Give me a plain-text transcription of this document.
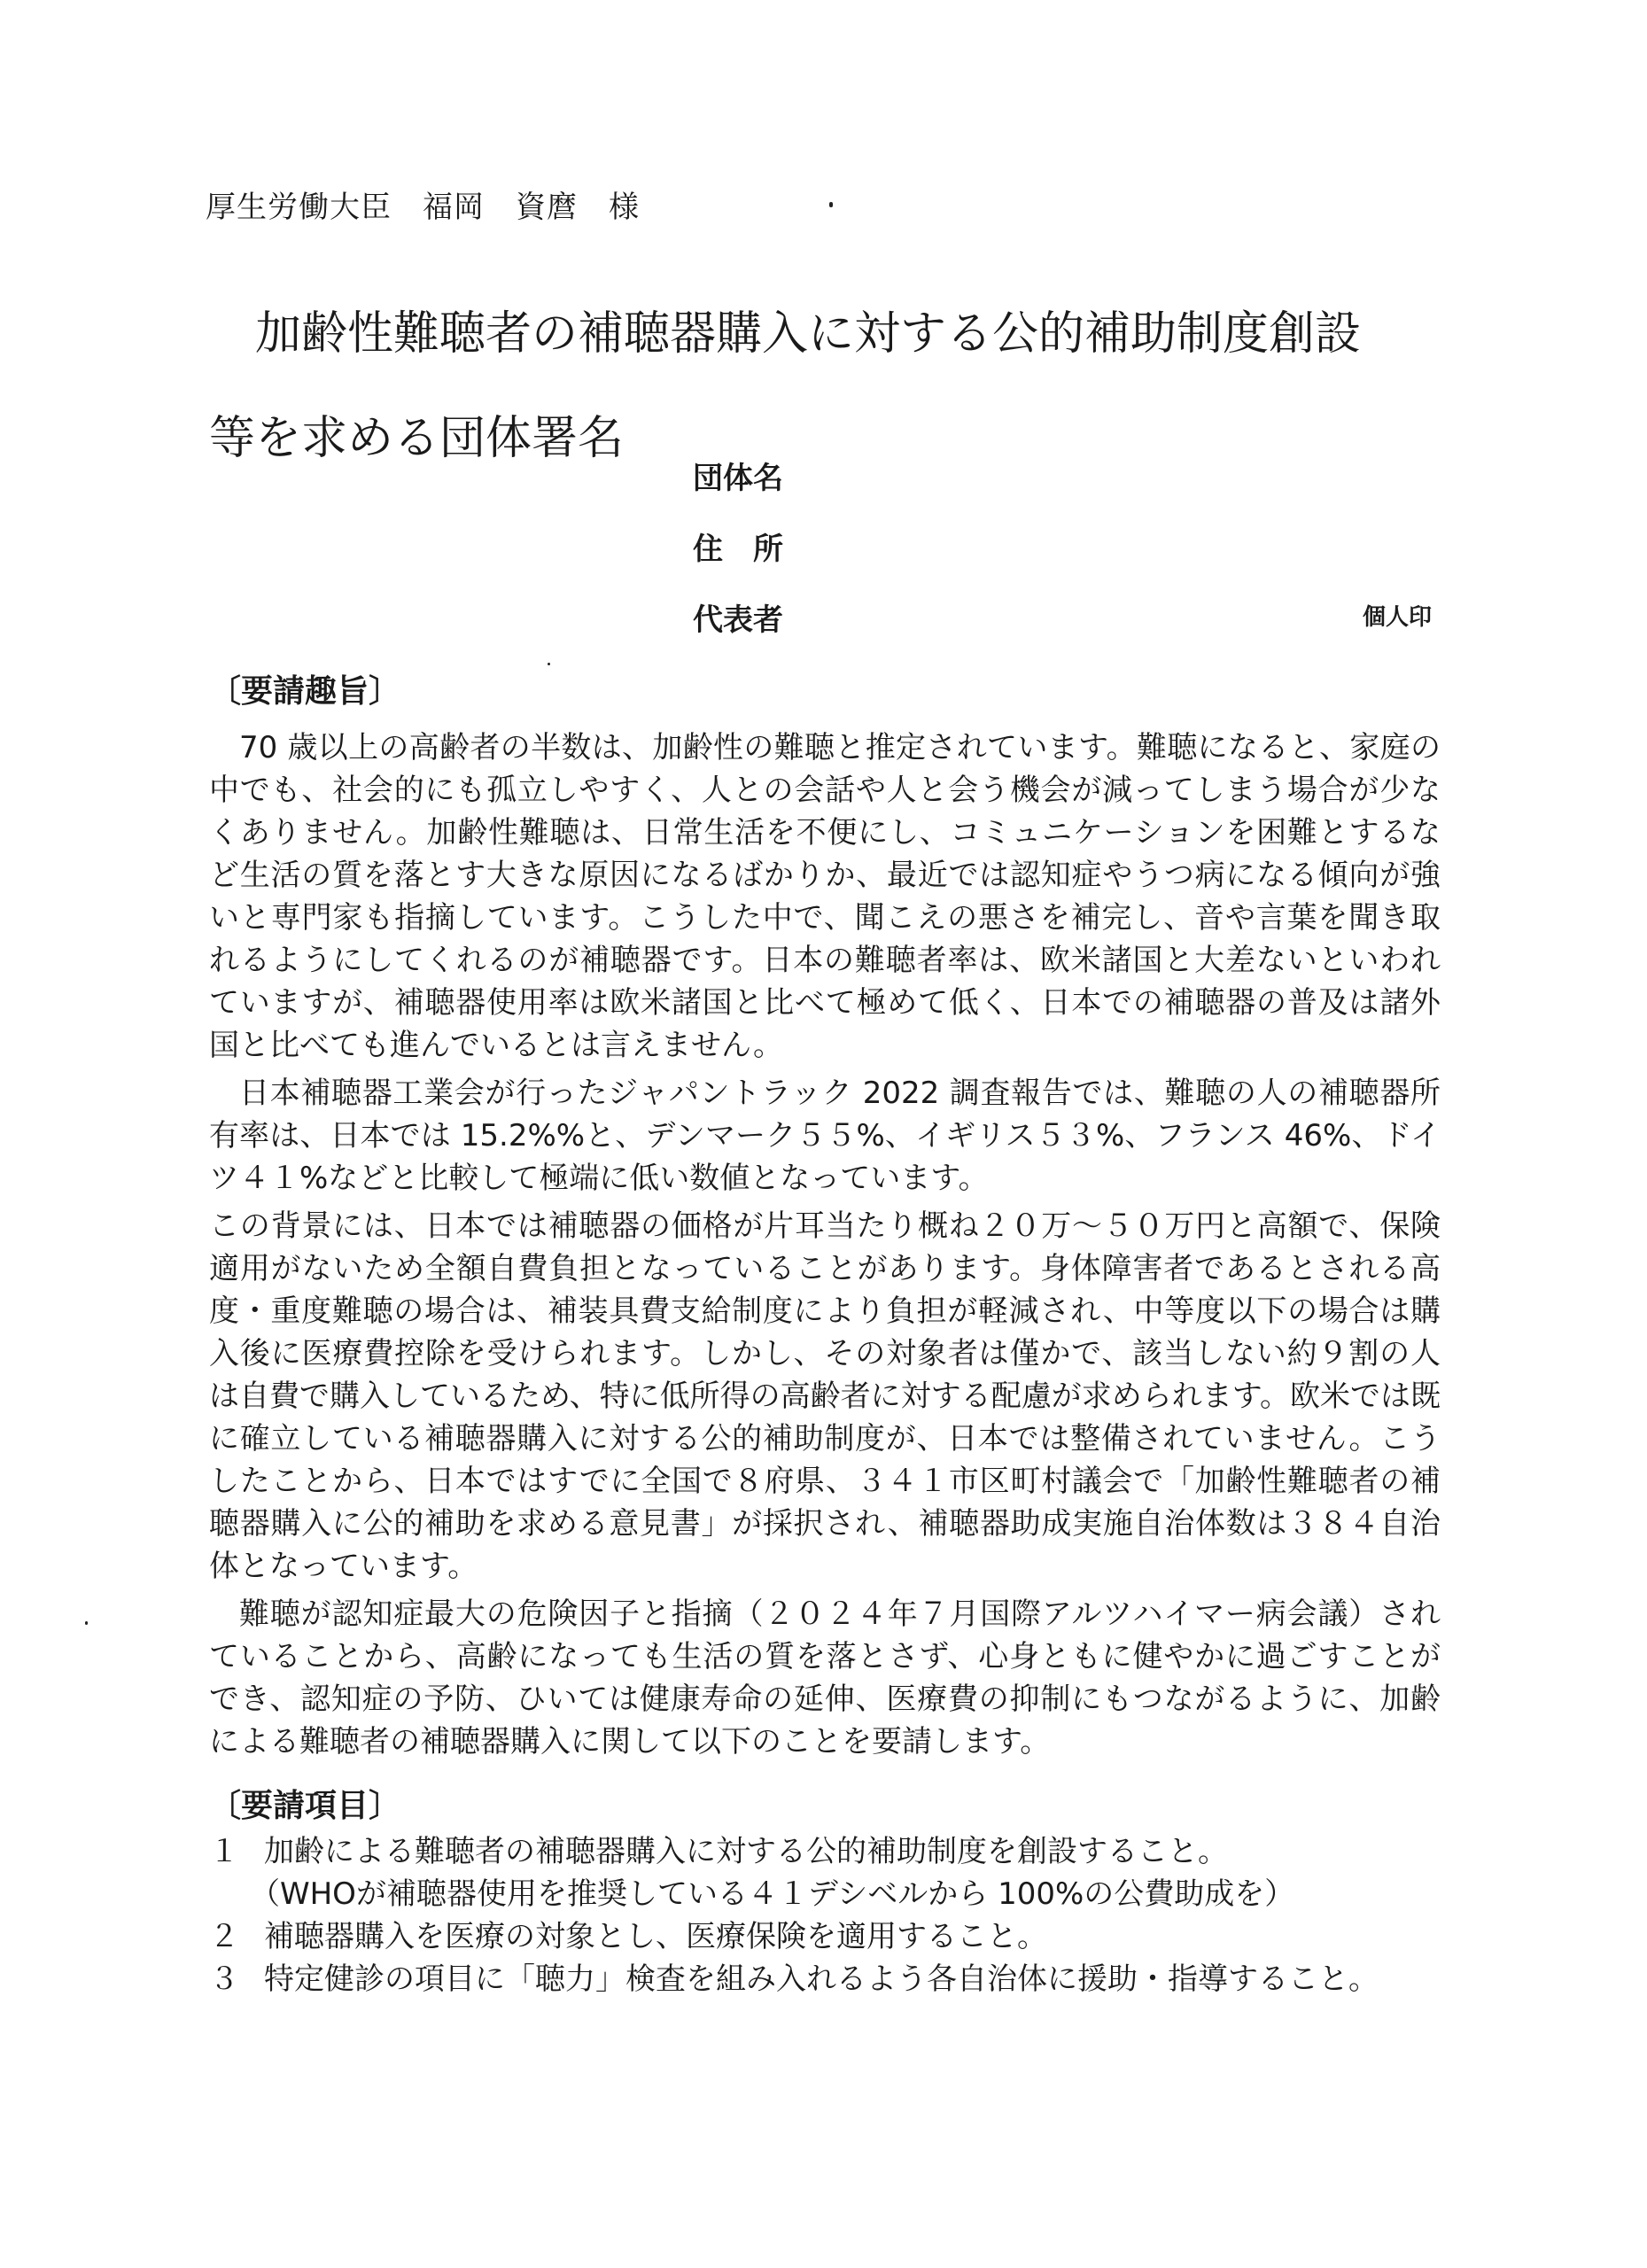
厚生労働大臣　福岡　資麿　様
加齢性難聴者の補聴器購入に対する公的補助制度創設
等を求める団体署名
団体名
住　所
代表者	個人印
〔要請趣旨〕

70 歳以上の高齢者の半数は、加齢性の難聴と推定されています。難聴になると、家庭の中でも、社会的にも孤立しやすく、人との会話や人と会う機会が減ってしまう場合が少なくありません。加齢性難聴は、日常生活を不便にし、コミュニケーションを困難とするなど生活の質を落とす大きな原因になるばかりか、最近では認知症やうつ病になる傾向が強いと専門家も指摘しています。こうした中で、聞こえの悪さを補完し、音や言葉を聞き取れるようにしてくれるのが補聴器です。日本の難聴者率は、欧米諸国と大差ないといわれていますが、補聴器使用率は欧米諸国と比べて極めて低く、日本での補聴器の普及は諸外国と比べても進んでいるとは言えません。

日本補聴器工業会が行ったジャパントラック 2022 調査報告では、難聴の人の補聴器所有率は、日本では 15.2%%と、デンマーク５５%、イギリス５３%、フランス 46%、ドイツ４１%などと比較して極端に低い数値となっています。

この背景には、日本では補聴器の価格が片耳当たり概ね２０万～５０万円と高額で、保険適用がないため全額自費負担となっていることがあります。身体障害者であるとされる高度・重度難聴の場合は、補装具費支給制度により負担が軽減され、中等度以下の場合は購入後に医療費控除を受けられます。しかし、その対象者は僅かで、該当しない約９割の人は自費で購入しているため、特に低所得の高齢者に対する配慮が求められます。欧米では既に確立している補聴器購入に対する公的補助制度が、日本では整備されていません。こうしたことから、日本ではすでに全国で８府県、３４１市区町村議会で「加齢性難聴者の補聴器購入に公的補助を求める意見書」が採択され、補聴器助成実施自治体数は３８４自治体となっています。

難聴が認知症最大の危険因子と指摘（２０２４年７月国際アルツハイマー病会議）されていることから、高齢になっても生活の質を落とさず、心身ともに健やかに過ごすことができ、認知症の予防、ひいては健康寿命の延伸、医療費の抑制にもつながるように、加齢による難聴者の補聴器購入に関して以下のことを要請します。

〔要請項目〕
１ 加齢による難聴者の補聴器購入に対する公的補助制度を創設すること。
（WHOが補聴器使用を推奨している４１デシベルから 100%の公費助成を）
２ 補聴器購入を医療の対象とし、医療保険を適用すること。
３ 特定健診の項目に「聴力」検査を組み入れるよう各自治体に援助・指導すること。
